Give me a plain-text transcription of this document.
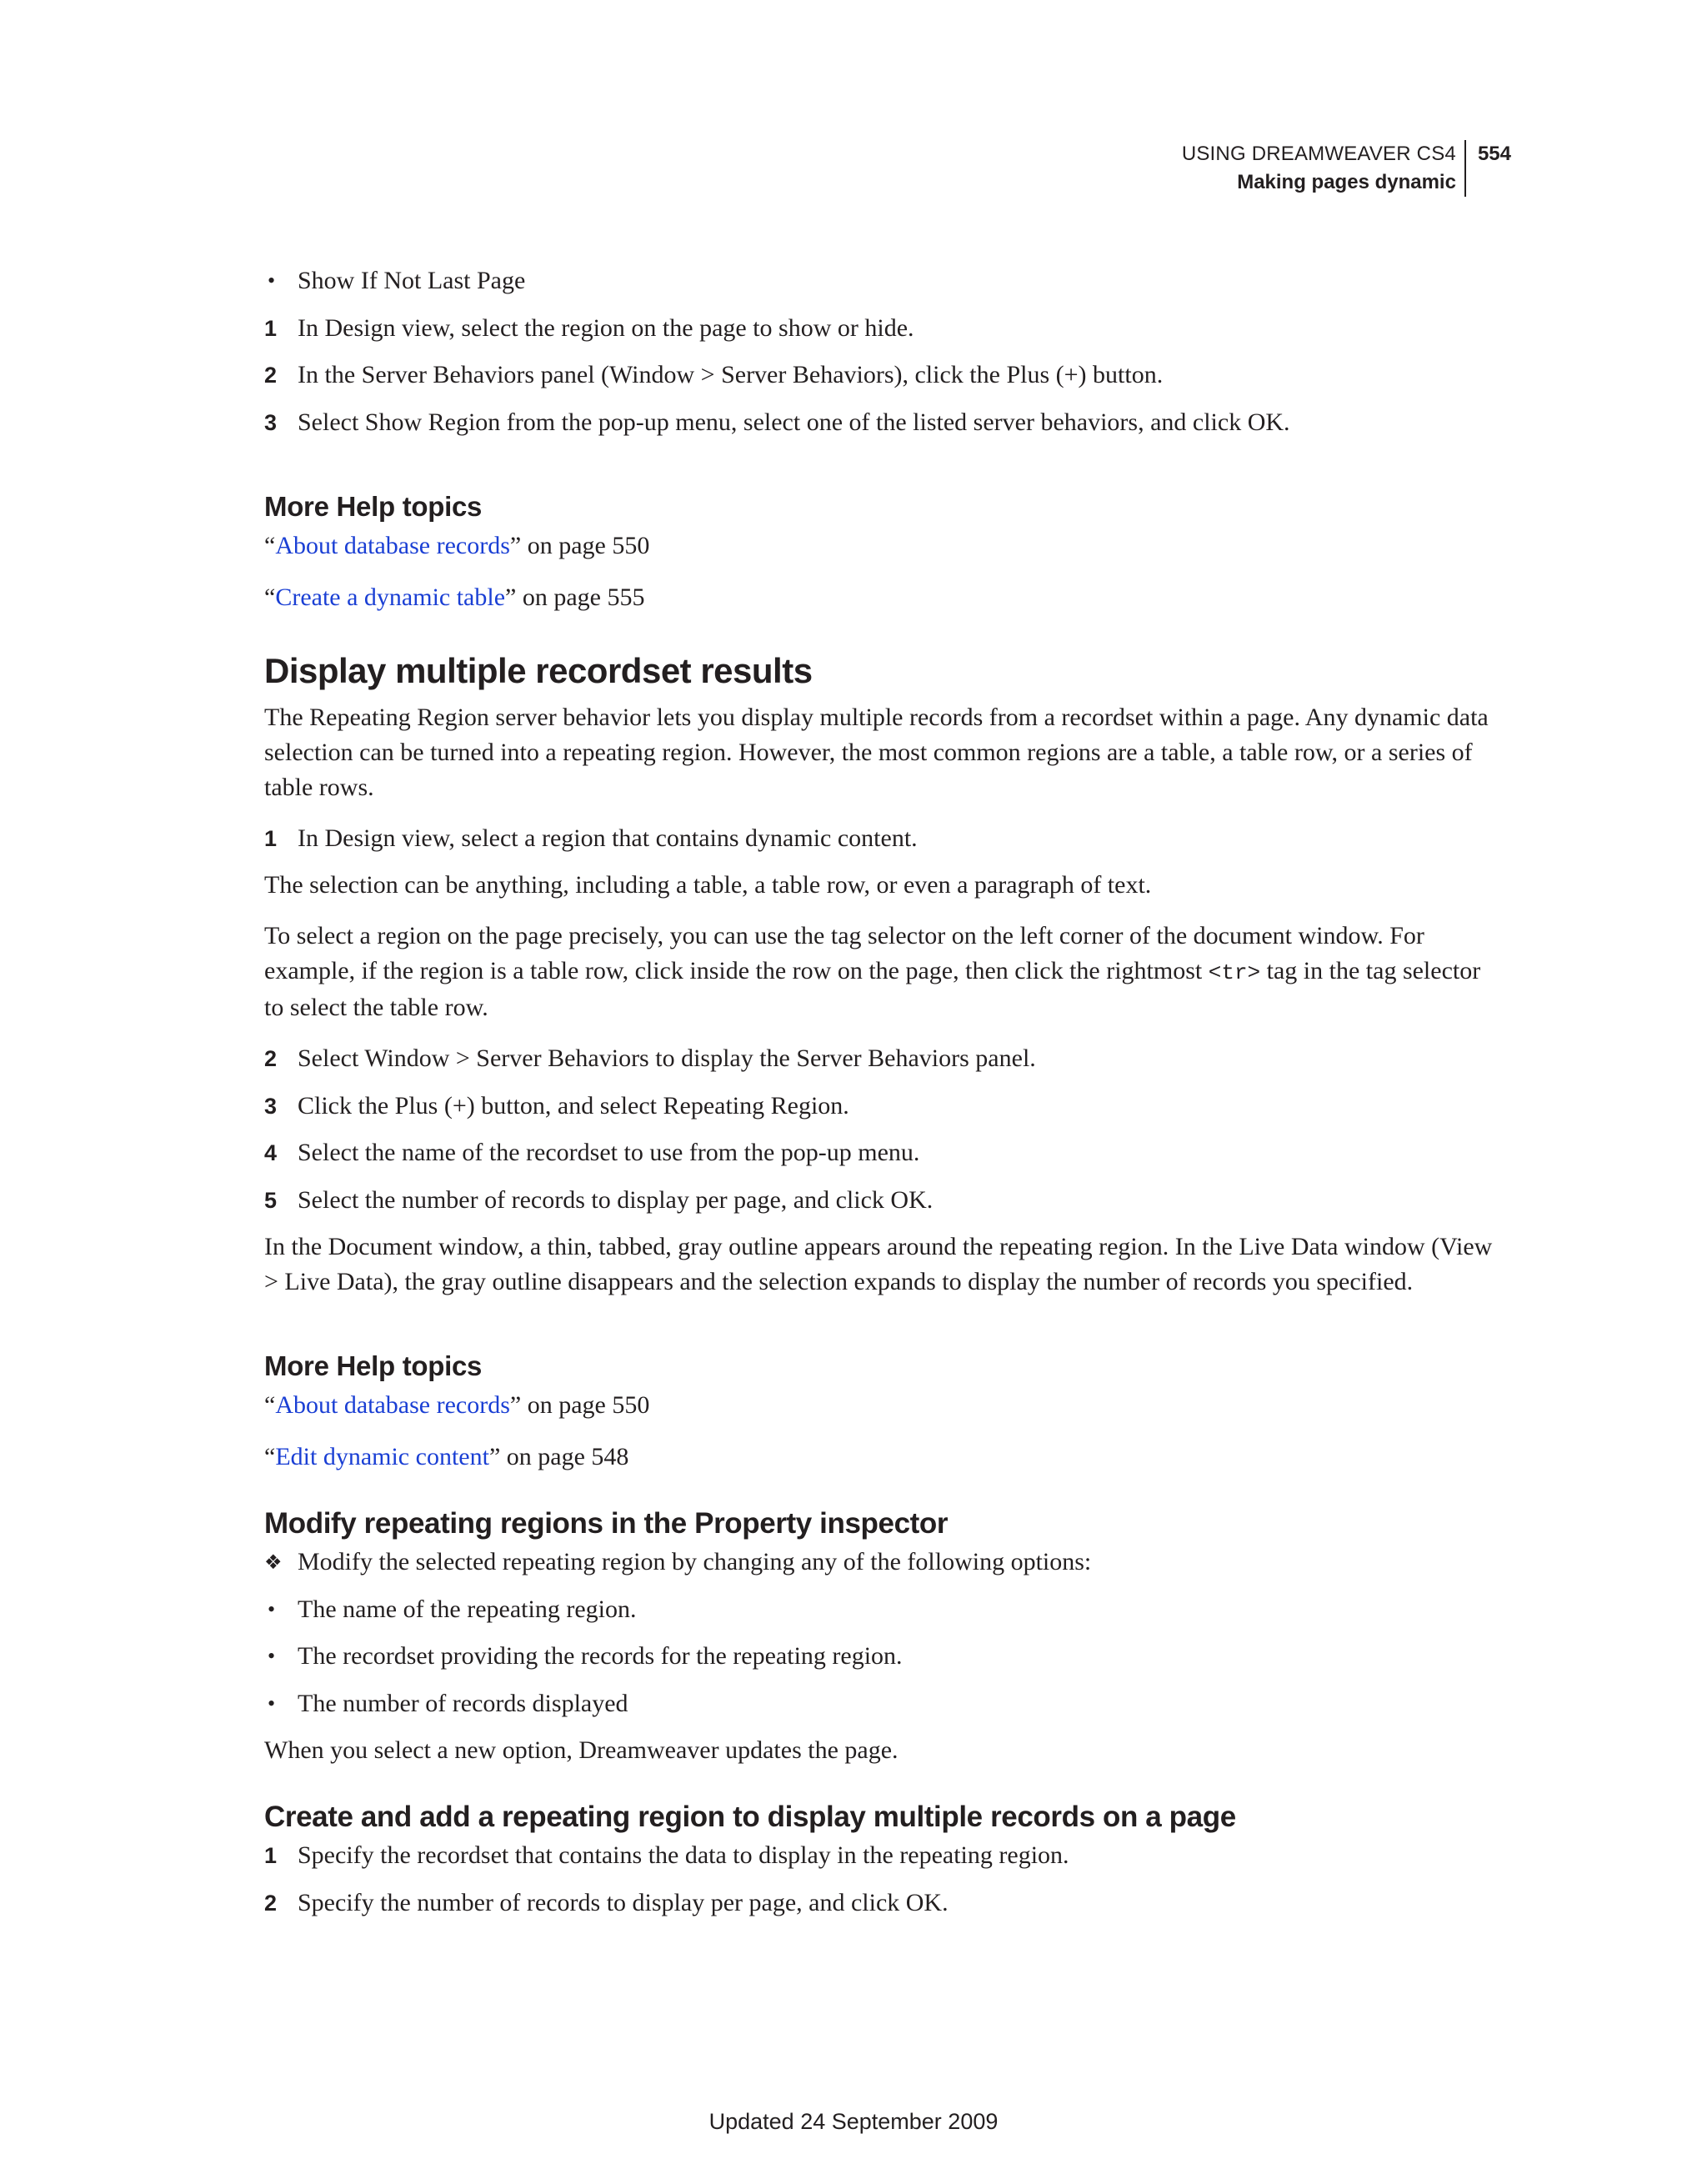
USING DREAMWEAVER CS4
Making pages dynamic
554
• Show If Not Last Page
1 In Design view, select the region on the page to show or hide.
2 In the Server Behaviors panel (Window > Server Behaviors), click the Plus (+) button.
3 Select Show Region from the pop-up menu, select one of the listed server behaviors, and click OK.
More Help topics
“About database records” on page 550
“Create a dynamic table” on page 555
Display multiple recordset results

The Repeating Region server behavior lets you display multiple records from a recordset within a page. Any dynamic data selection can be turned into a repeating region. However, the most common regions are a table, a table row, or a series of table rows.

1 In Design view, select a region that contains dynamic content.

The selection can be anything, including a table, a table row, or even a paragraph of text.

To select a region on the page precisely, you can use the tag selector on the left corner of the document window. For example, if the region is a table row, click inside the row on the page, then click the rightmost <tr> tag in the tag selector to select the table row.

2 Select Window > Server Behaviors to display the Server Behaviors panel.
3 Click the Plus (+) button, and select Repeating Region.
4 Select the name of the recordset to use from the pop-up menu.
5 Select the number of records to display per page, and click OK.

In the Document window, a thin, tabbed, gray outline appears around the repeating region. In the Live Data window (View > Live Data), the gray outline disappears and the selection expands to display the number of records you specified.

More Help topics
“About database records” on page 550
“Edit dynamic content” on page 548
Modify repeating regions in the Property inspector
❖ Modify the selected repeating region by changing any of the following options:
• The name of the repeating region.
• The recordset providing the records for the repeating region.
• The number of records displayed

When you select a new option, Dreamweaver updates the page.

Create and add a repeating region to display multiple records on a page
1 Specify the recordset that contains the data to display in the repeating region.
2 Specify the number of records to display per page, and click OK.
Updated 24 September 2009
